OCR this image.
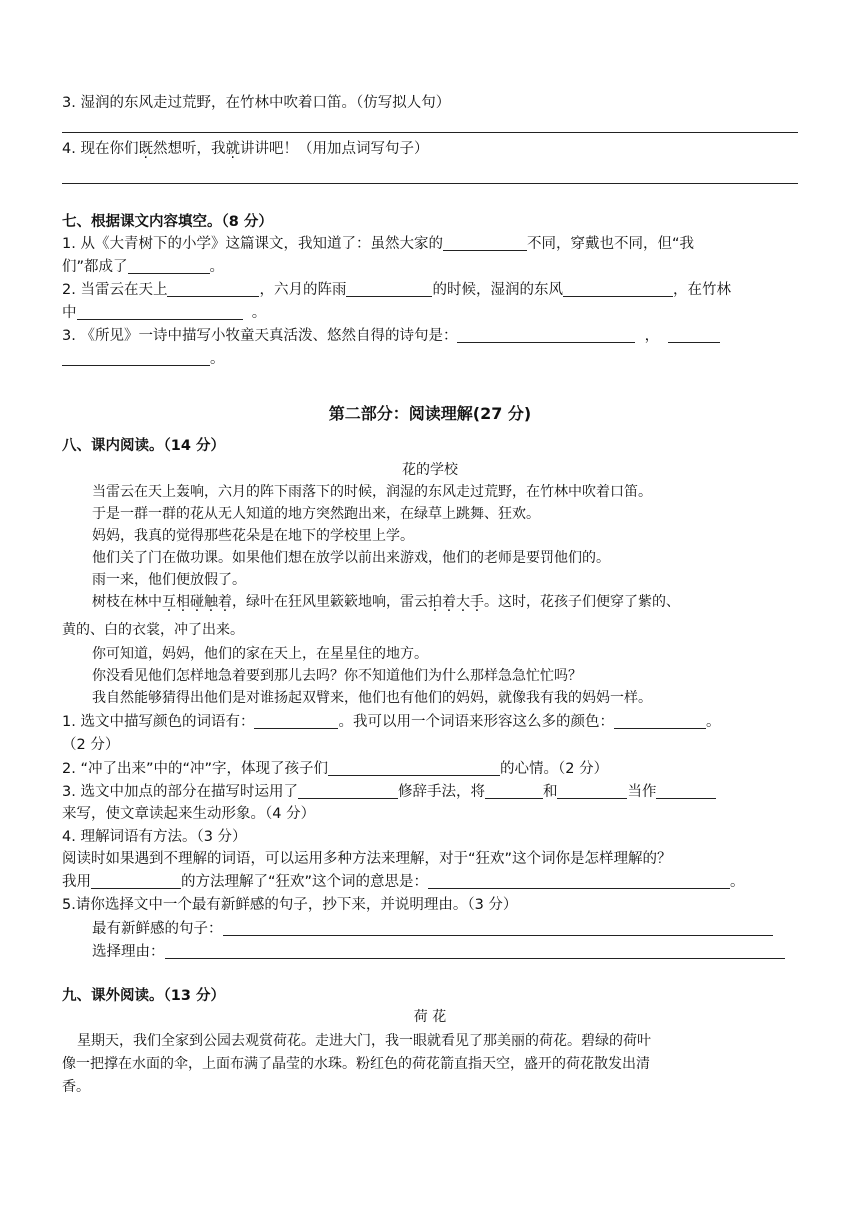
3. 湿润的东风走过荒野，在竹林中吹着口笛。（仿写拟人句）
4. 现在你们既然想听，我就讲讲吧！（用加点词写句子）
七、根据课文内容填空。（8 分）
1. 从《大青树下的小学》这篇课文，我知道了：虽然大家的	不同，穿戴也不同，但“我
们”都成了	。
2. 当雷云在天上	，六月的阵雨	的时候，湿润的东风	，在竹林
中	。
3. 《所见》一诗中描写小牧童天真活泼、悠然自得的诗句是：	，
。
第二部分：阅读理解(27 分)
八、课内阅读。（14 分）
花的学校
当雷云在天上轰响，六月的阵下雨落下的时候，润湿的东风走过荒野，在竹林中吹着口笛。
于是一群一群的花从无人知道的地方突然跑出来，在绿草上跳舞、狂欢。
妈妈，我真的觉得那些花朵是在地下的学校里上学。
他们关了门在做功课。如果他们想在放学以前出来游戏，他们的老师是要罚他们的。
雨一来，他们便放假了。
树枝在林中互相碰触着，绿叶在狂风里簌簌地响，雷云拍着大手。这时，花孩子们便穿了紫的、
黄的、白的衣裳，冲了出来。
你可知道，妈妈，他们的家在天上，在星星住的地方。
你没看见他们怎样地急着要到那儿去吗？你不知道他们为什么那样急急忙忙吗？
我自然能够猜得出他们是对谁扬起双臂来，他们也有他们的妈妈，就像我有我的妈妈一样。
1. 选文中描写颜色的词语有：	。我可以用一个词语来形容这么多的颜色：	。
（2 分）
2. “冲了出来”中的“冲”字，体现了孩子们	的心情。（2 分）
3. 选文中加点的部分在描写时运用了	修辞手法，将	和	当作
来写，使文章读起来生动形象。（4 分）
4. 理解词语有方法。（3 分）
阅读时如果遇到不理解的词语，可以运用多种方法来理解，对于“狂欢”这个词你是怎样理解的？
我用	的方法理解了“狂欢”这个词的意思是：	。
5.请你选择文中一个最有新鲜感的句子，抄下来，并说明理由。（3 分）
最有新鲜感的句子：
选择理由：
九、课外阅读。（13 分）
荷 花
星期天，我们全家到公园去观赏荷花。走进大门，我一眼就看见了那美丽的荷花。碧绿的荷叶
像一把撑在水面的伞，上面布满了晶莹的水珠。粉红色的荷花箭直指天空，盛开的荷花散发出清
香。
